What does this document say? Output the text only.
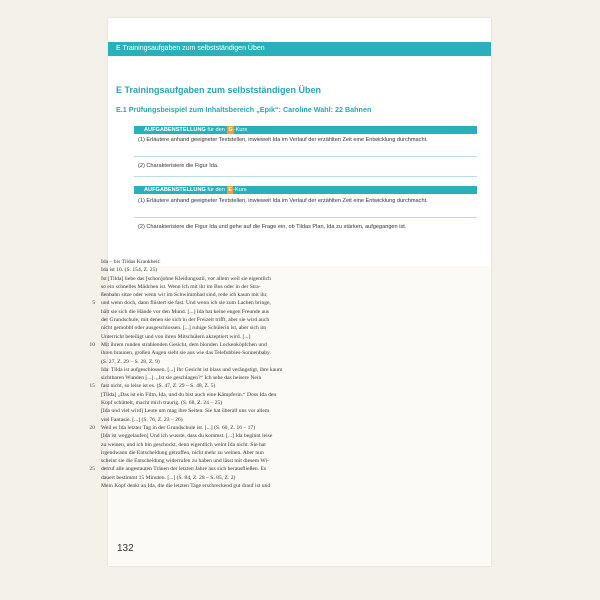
E Trainingsaufgaben zum selbstständigen Üben
E Trainingsaufgaben zum selbstständigen Üben
E.1 Prüfungsbeispiel zum Inhaltsbereich „Epik“: Caroline Wahl: 22 Bahnen
AUFGABENSTELLUNG für den G-Kurs
(1) Erläutere anhand geeigneter Textstellen, inwieweit Ida im Verlauf der erzählten Zeit eine Entwicklung durchmacht.
(2) Charakterisiere die Figur Ida.
AUFGABENSTELLUNG für den E-Kurs
(1) Erläutere anhand geeigneter Textstellen, inwieweit Ida im Verlauf der erzählten Zeit eine Entwicklung durchmacht.
(2) Charakterisiere die Figur Ida und gehe auf die Frage ein, ob Tildas Plan, Ida zu stärken, aufgegangen ist.
132
Ida – bis Tildas Krankheit:
Ida ist 10. (S. 154, Z. 25)
Ist [Tilda] liebe das [schon]ohne Kleidungsstil, vor allem weil sie eigentlich
so ein schnelles Mädchen ist. Wenn ich mit ihr im Bus oder in der Stra-
ßenbahn sitze oder wenn wir im Schwimmbad sind, rede ich kaum mit ihr,
5 und wenn doch, dann flüstert sie fast. Und wenn ich sie zum Lachen bringe,
hält sie sich die Hände vor den Mund. [...] Ida hat keine engen Freunde aus
der Grundschule, mit denen sie sich in der Freizeit trifft, aber sie wird auch
nicht gemobbt oder ausgeschlossen. [...] ruhige Schülerin ist, aber sich im
Unterricht beteiligt und von ihren Mitschülern akzeptiert wird. [...]
10 Mit ihrem runden strahlenden Gesicht, dem blonden Lockenköpfchen und
ihren braunen, großen Augen sieht sie aus wie das Telefubbies-Sonnenbaby.
(S. 27, Z. 29 – S. 28, Z. 9)
Ida: Tilda ist aufgeschlossen. [...] Ihr Gesicht ist blass und verängstigt, ihre kaum
sichtbaren Wunden [...]. „Ist sie geschlagen?“ Ich sehe das heisere Nein
15 fast nicht, so leise ist es. (S. 47, Z. 29 – S. 48, Z. 5)
[Tilda] „Das ist ein Film, Ida, und du bist auch eine Kämpferin.“ Doss Ida den
Kopf schüttelt, macht mich traurig. (S. 68, Z. 24 – 25)
[Ida und viel wird] Leute um mag ihre Seiten. Sie hat überall uns vor allem
viel Fantasie. [...] (S. 76, Z. 23 – 26)
20 Weil es Ida letzter Tag in der Grundschule ist. [...] (S. 60, Z. 16 – 17)
[Ida ist weggelaufen] Und ich wusste, dass du kommst. [...] Ida beginnt leise
zu weinen, und ich bin geschockt, denn eigentlich weint Ida nicht. Sie hat
irgendwann die Entscheidung getroffen, nicht mehr zu weinen. Aber nun
scheint sie die Entscheidung widerrufen zu haben und lässt mit diesem Wi-
25 derruf alle angestauten Tränen der letzten Jahre aus sich herausfließen. Es
dauert bestimmt 15 Minuten. [...] (S. 84, Z. 28 – S. 85, Z. 2)
Mein Kopf denkt an Ida, die die letzten Tage erschreckend gut drauf ist und
